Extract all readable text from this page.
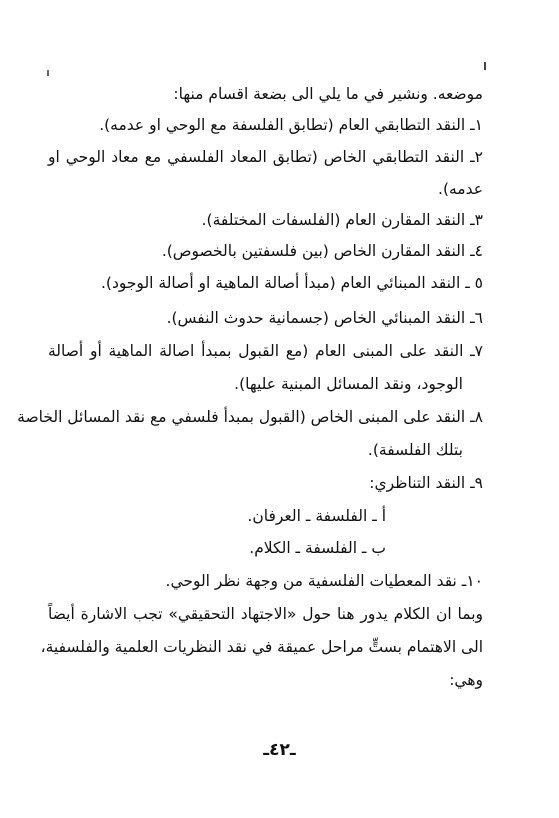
موضعه. ونشير في ما يلي الى بضعة اقسام منها:
١ـ النقد التطابقي العام (تطابق الفلسفة مع الوحي او عدمه).
٢ـ النقد التطابقي الخاص (تطابق المعاد الفلسفي مع معاد الوحي او
عدمه).
٣ـ النقد المقارن العام (الفلسفات المختلفة).
٤ـ النقد المقارن الخاص (بين فلسفتين بالخصوص).
٥ ـ النقد المبنائي العام (مبدأ أصالة الماهية او أصالة الوجود).
٦ـ النقد المبنائي الخاص (جسمانية حدوث النفس).
٧ـ النقد على المبنى العام (مع القبول بمبدأ اصالة الماهية أو أصالة
الوجود، ونقد المسائل المبنية عليها).
٨ـ النقد على المبنى الخاص (القبول بمبدأ فلسفي مع نقد المسائل الخاصة
بتلك الفلسفة).
٩ـ النقد التناظري:
أ ـ الفلسفة ـ العرفان.
ب ـ الفلسفة ـ الكلام.
١٠ـ نقد المعطيات الفلسفية من وجهة نظر الوحي.
وبما ان الكلام يدور هنا حول «الاجتهاد التحقيقي» تجب الاشارة أيضاً
الى الاهتمام بستٍّ مراحل عميقة في نقد النظريات العلمية والفلسفية،
وهي:
ـ٤٢ـ
